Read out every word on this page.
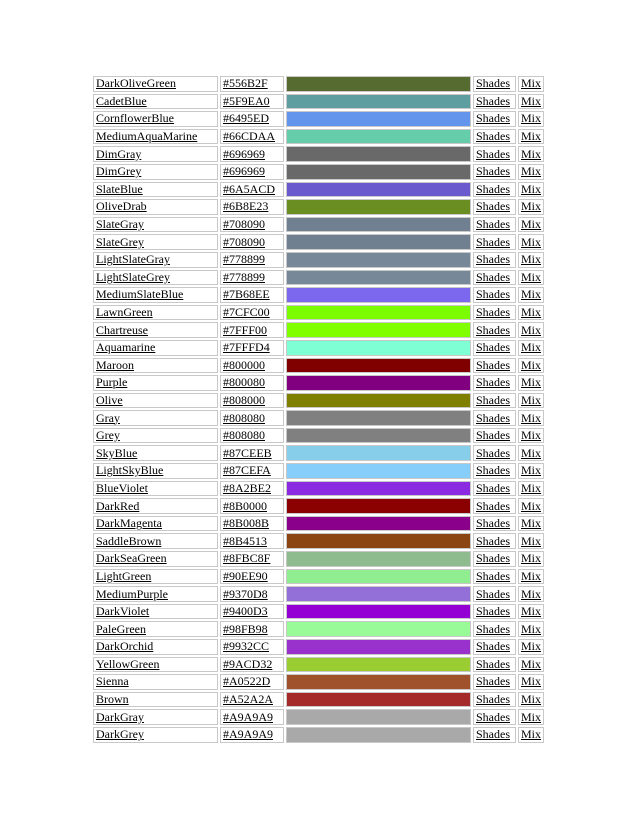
DarkOliveGreen	#556B2F		Shades	Mix
CadetBlue	#5F9EA0		Shades	Mix
CornflowerBlue	#6495ED		Shades	Mix
MediumAquaMarine	#66CDAA		Shades	Mix
DimGray	#696969		Shades	Mix
DimGrey	#696969		Shades	Mix
SlateBlue	#6A5ACD		Shades	Mix
OliveDrab	#6B8E23		Shades	Mix
SlateGray	#708090		Shades	Mix
SlateGrey	#708090		Shades	Mix
LightSlateGray	#778899		Shades	Mix
LightSlateGrey	#778899		Shades	Mix
MediumSlateBlue	#7B68EE		Shades	Mix
LawnGreen	#7CFC00		Shades	Mix
Chartreuse	#7FFF00		Shades	Mix
Aquamarine	#7FFFD4		Shades	Mix
Maroon	#800000		Shades	Mix
Purple	#800080		Shades	Mix
Olive	#808000		Shades	Mix
Gray	#808080		Shades	Mix
Grey	#808080		Shades	Mix
SkyBlue	#87CEEB		Shades	Mix
LightSkyBlue	#87CEFA		Shades	Mix
BlueViolet	#8A2BE2		Shades	Mix
DarkRed	#8B0000		Shades	Mix
DarkMagenta	#8B008B		Shades	Mix
SaddleBrown	#8B4513		Shades	Mix
DarkSeaGreen	#8FBC8F		Shades	Mix
LightGreen	#90EE90		Shades	Mix
MediumPurple	#9370D8		Shades	Mix
DarkViolet	#9400D3		Shades	Mix
PaleGreen	#98FB98		Shades	Mix
DarkOrchid	#9932CC		Shades	Mix
YellowGreen	#9ACD32		Shades	Mix
Sienna	#A0522D		Shades	Mix
Brown	#A52A2A		Shades	Mix
DarkGray	#A9A9A9		Shades	Mix
DarkGrey	#A9A9A9		Shades	Mix
